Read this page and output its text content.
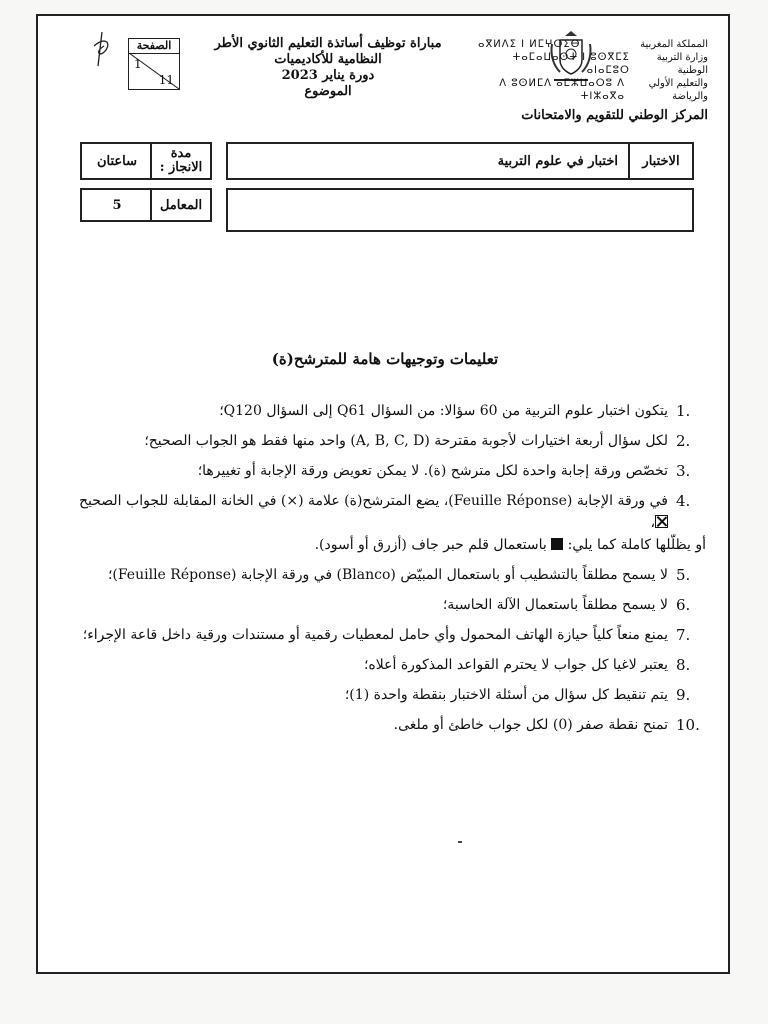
الصفحة
1
11
مباراة توظيف أساتذة التعليم الثانوي الأطر
النظامية للأكاديميات
دورة يناير 2023
الموضوع
المملكة المغربية
ⴰⴳⵍⴷⵉ ⵏ ⵍⵎⵖⵔⵉⴱ
وزارة التربية الوطنية
ⵜⴰⵎⴰⵡⴰⵙⵜ ⵏ ⵓⵙⴳⵎⵉ ⴰⵏⴰⵎⵓⵔ
والتعليم الأولي والرياضة
ⴷ ⵓⵙⵍⵎⴷ ⴰⵎⵣⵡⴰⵔⵓ ⴷ ⵜⵏⵣⴰⴳⴰ
المركز الوطني للتقويم والامتحانات
الاختبار
اختبار في علوم التربية
مدة الانجاز :
ساعتان
المعامل
5
تعليمات وتوجيهات هامة للمترشح(ة)
1.
يتكون اختبار علوم التربية من 60 سؤالا: من السؤال Q61 إلى السؤال Q120؛
2.
لكل سؤال أربعة اختيارات لأجوبة مقترحة (A, B, C, D) واحد منها فقط هو الجواب الصحيح؛
3.
تخصّص ورقة إجابة واحدة لكل مترشح (ة). لا يمكن تعويض ورقة الإجابة أو تغييرها؛
4.
في ورقة الإجابة (Feuille Réponse)، يضع المترشح(ة) علامة (×) في الخانة المقابلة للجواب الصحيح ،
أو يظلّلها كاملة كما يلي:  باستعمال قلم حبر جاف (أزرق أو أسود).
5.
لا يسمح مطلقاً بالتشطيب أو باستعمال المبيّض (Blanco) في ورقة الإجابة (Feuille Réponse)؛
6.
لا يسمح مطلقاً باستعمال الآلة الحاسبة؛
7.
يمنع منعاً كلياً حيازة الهاتف المحمول وأي حامل لمعطيات رقمية أو مستندات ورقية داخل قاعة الإجراء؛
8.
يعتبر لاغيا كل جواب لا يحترم القواعد المذكورة أعلاه؛
9.
يتم تنقيط كل سؤال من أسئلة الاختبار بنقطة واحدة (1)؛
10.
تمنح نقطة صفر (0) لكل جواب خاطئ أو ملغى.
